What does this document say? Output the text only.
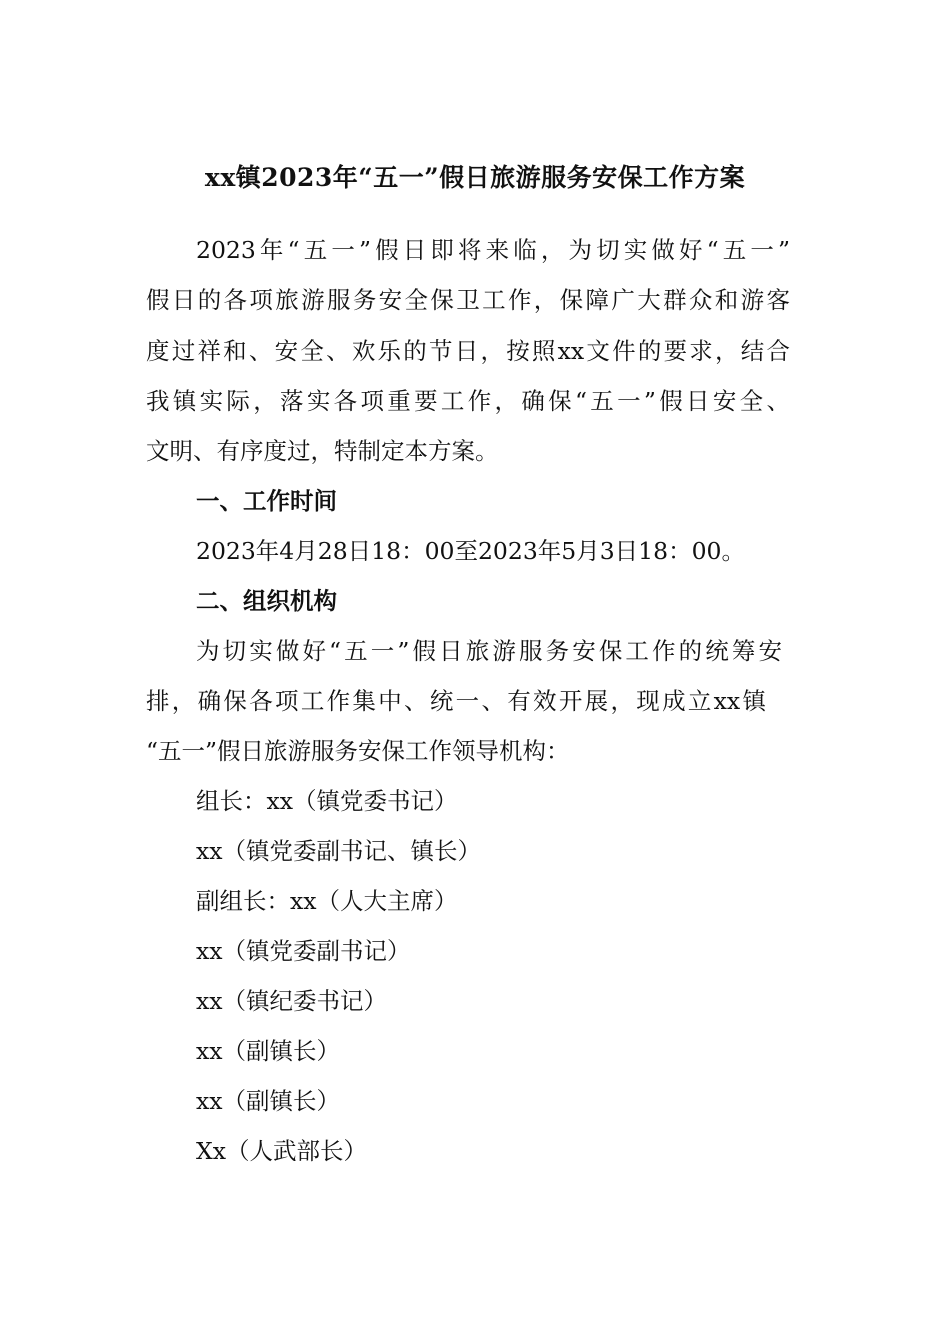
xx镇2023年“五一”假日旅游服务安保工作方案
2023年“五一”假日即将来临，为切实做好“五一”
假日的各项旅游服务安全保卫工作，保障广大群众和游客
度过祥和、安全、欢乐的节日，按照xx文件的要求，结合
我镇实际，落实各项重要工作，确保“五一”假日安全、
文明、有序度过，特制定本方案。
一、工作时间
2023年4月28日18：00至2023年5月3日18：00。
二、组织机构
为切实做好“五一”假日旅游服务安保工作的统筹安
排，确保各项工作集中、统一、有效开展，现成立xx镇
“五一”假日旅游服务安保工作领导机构：
组长：xx（镇党委书记）
xx（镇党委副书记、镇长）
副组长：xx（人大主席）
xx（镇党委副书记）
xx（镇纪委书记）
xx（副镇长）
xx（副镇长）
Xx（人武部长）
